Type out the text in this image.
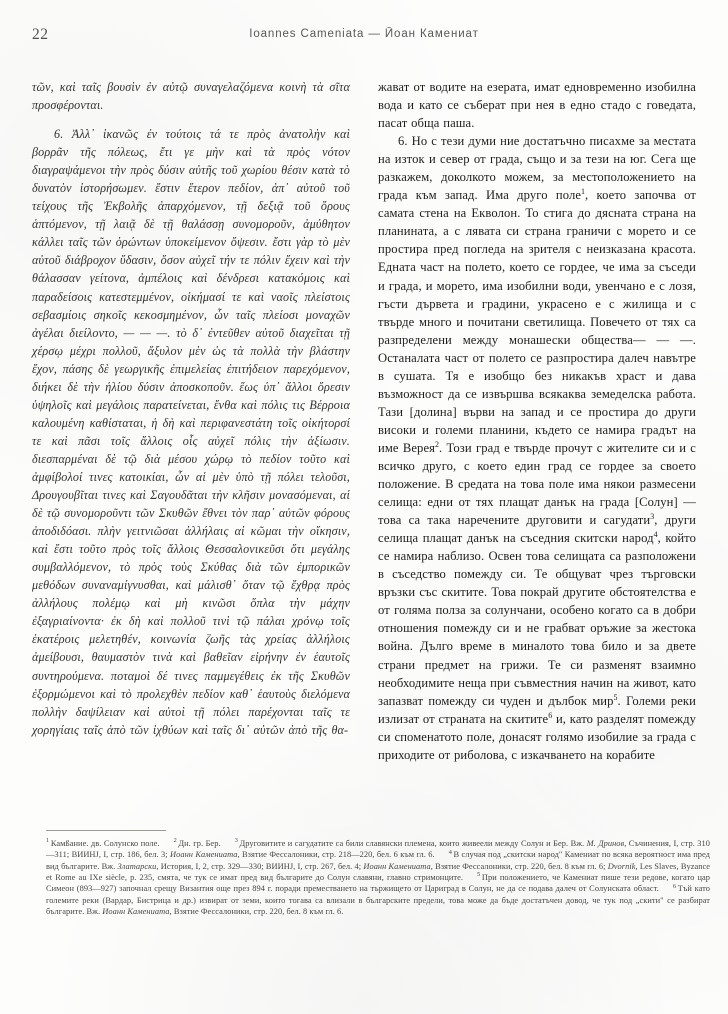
22	Ioannes Cameniata — Йоан Камениат

τῶν, καὶ ταῖς βουσὶν ἐν αὐτῷ συναγελαζόμενα κοινὴ τὰ σῖτα προσφέρονται.

6. Ἀλλ᾽ ἱκανῶς ἐν τούτοις τά τε πρὸς ἀνατολὴν καὶ βορρᾶν τῆς πόλεως, ἔτι γε μὴν καὶ τὰ πρὸς νότον διαγραψάμενοι τὴν πρὸς δύσιν αὐτῆς τοῦ χωρίου θέσιν κατὰ τὸ δυνατὸν ἱστορήσωμεν. ἔστιν ἕτερον πεδίον, ἀπ᾽ αὐτοῦ τοῦ τείχους τῆς Ἐκβολῆς ἀπαρχόμενον, τῇ δεξιᾷ τοῦ ὄρους ἁπτόμενον, τῇ λαιᾷ δὲ τῇ θαλάσσῃ συνομοροῦν, ἀμύθητον κάλλει ταῖς τῶν ὁρώντων ὑποκείμενον ὄψεσιν. ἔστι γὰρ τὸ μὲν αὐτοῦ διάβροχον ὕδασιν, ὅσον αὐχεῖ τήν τε πόλιν ἔχειν καὶ τὴν θάλασσαν γείτονα, ἀμπέλοις καὶ δένδρεσι κατακόμοις καὶ παραδείσοις κατεστεμμένον, οἰκήμασί τε καὶ ναοῖς πλείστοις σεβασμίοις σηκοῖς κεκοσμημένον, ὧν ταῖς πλείοσι μοναχῶν ἀγέλαι διείλοντο, — — —. τὸ δ᾽ ἐντεῦθεν αὐτοῦ διαχεῖται τῇ χέρσῳ μέχρι πολλοῦ, ἄξυλον μὲν ὡς τὰ πολλὰ τὴν βλάστην ἔχον, πάσης δὲ γεωργικῆς ἐπιμελείας ἐπιτήδειον παρεχόμενον, διήκει δὲ τὴν ἡλίου δύσιν ἀποσκοποῦν. ἕως ὑπ᾽ ἄλλοι ὄρεσιν ὑψηλοῖς καὶ μεγάλοις παρατείνεται, ἔνθα καὶ πόλις τις Βέρροια καλουμένη καθίσταται, ἡ δὴ καὶ περιφανεστάτη τοῖς οἰκήτορσί τε καὶ πᾶσι τοῖς ἄλλοις οἷς αὐχεῖ πόλις τὴν ἀξίωσιν. διεσπαρμέναι δὲ τῷ διὰ μέσου χώρῳ τὸ πεδίον τοῦτο καὶ ἀμφίβολοί τινες κατοικίαι, ὧν αἱ μὲν ὑπὸ τῇ πόλει τελοῦσι, Δρουγουβῖται τινες καὶ Σαγουδᾶται τὴν κλῆσιν μονασόμεναι, αἱ δὲ τῷ συνομοροῦντι τῶν Σκυθῶν ἔθνει τὸν παρ᾽ αὐτῶν φόρους ἀποδιδόασι. πλὴν γειτνιῶσαι ἀλλήλαις αἱ κῶμαι τὴν οἴκησιν, καὶ ἔστι τοῦτο πρὸς τοῖς ἄλλοις Θεσσαλονικεῦσι ὅτι μεγάλης συμβαλλόμενον, τὸ πρὸς τοὺς Σκύθας διὰ τῶν ἐμπορικῶν μεθόδων συναναμίγνυσθαι, καὶ μάλισθ᾽ ὅταν τῷ ἔχθρᾳ πρὸς ἀλλήλους πολέμῳ καὶ μὴ κινῶσι ὅπλα τὴν μάχην ἐξαγριαίνοντα· ἐκ δὴ καὶ πολλοῦ τινὶ τῷ πάλαι χρόνῳ τοῖς ἑκατέροις μελετηθέν, κοινωνία ζωῆς τὰς χρείας ἀλλήλοις ἀμείβουσι, θαυμαστὸν τινὰ καὶ βαθεῖαν εἰρήνην ἐν ἑαυτοῖς συντηρούμενα. ποταμοὶ δέ τινες παμμεγέθεις ἐκ τῆς Σκυθῶν ἐξορμώμενοι καὶ τὸ προλεχθὲν πεδίον καθ᾽ ἑαυτοὺς διελόμενα πολλὴν δαψίλειαν καὶ αὐτοὶ τῇ πόλει παρέχονται ταῖς τε χορηγίαις ταῖς ἀπὸ τῶν ἰχθύων καὶ ταῖς δι᾽ αὐτῶν ἀπὸ τῆς θα-

жават от водите на езерата, имат едновременно изобилна вода и като се съберат при нея в едно стадо с говедата, пасат обща паша.

6. Но с тези думи ние достатъчно писахме за местата на изток и север от града, също и за тези на юг. Сега ще разкажем, доколкото можем, за местоположението на града към запад. Има друго поле$^1$, което започва от самата стена на Екволон. То стига до дясната страна на планината, а с лявата си страна граничи с морето и се простира пред погледа на зрителя с неизказана красота. Едната част на полето, което се гордее, че има за съседи и града, и морето, има изобилни води, увенчано е с лозя, гъсти дървета и градини, украсено е с жилища и с твърде много и почитани светилища. Повечето от тях са разпределени между монашески общества— — —. Останалата част от полето се разпростира далеч навътре в сушата. Тя е изобщо без никакъв храст и дава възможност да се извършва всякаква земеделска работа. Тази [долина] върви на запад и се простира до други високи и големи планини, където се намира градът на име Верея$^2$. Този град е твърде прочут с жителите си и с всичко друго, с което един град се гордее за своето положение. В средата на това поле има някои размесени селища: едни от тях плащат данък на града [Солун] — това са така наречените друговити и сагудати$^3$, други селища плащат данък на съседния скитски народ$^4$, който се намира наблизо. Освен това селищата са разположени в съседство помежду си. Те общуват чрез търговски връзки със скитите. Това покрай другите обстоятелства е от голяма полза за солунчани, особено когато са в добри отношения помежду си и не грабват оръжие за жестока война. Дълго време в миналото това било и за двете страни предмет на грижи. Те си разменят взаимно необходимите неща при съвместния начин на живот, като запазват помежду си чуден и дълбок мир$^5$. Големи реки излизат от страната на скитите$^6$ и, като разделят помежду си споменатото поле, донасят голямо изобилие за града с приходите от риболова, с изкачването на корабите

$^1$ Камßание. дв. Солунско поле. $^2$ Дн. гр. Бер. $^3$ Друговитите и сагудатите са били славянски племена, които живеели между Солун и Бер. Вж. М. Дринов, Съчинения, I, стр. 310—311; ВИИНJ, I, стр. 186, бел. 3; Иоанн Камениата, Взятие Фессалоники, стр. 218—220, бел. 6 към гл. 6. $^4$ В случая под „скитски народ" Камениат по всяка вероятност има пред вид българите. Вж. Златарски, История, I, 2, стр. 329—330; ВИИНJ, I, стр. 267, бел. 4; Иоанн Камениата, Взятие Фессалоники, стр. 220, бел. 8 към гл. 6; Dvornik, Les Slaves, Byzance et Rome au IXe siècle, p. 235, смята, че тук се имат пред вид българите до Солун славяни, главно стримонците. $^5$ При положението, че Камениат пише тези редове, когато цар Симеон (893—927) започнал срещу Византия още през 894 г. поради преместването на тържището от Цариград в Солун, не да се подава далеч от Солунската област. $^6$ Тъй като големите реки (Вардар, Бистрица и др.) извират от земи, които тогава са влизали в българските предели, това може да бъде достатъчен довод, че тук под „скити" се разбират българите. Вж. Иоанн Камениата, Взятие Фессалоники, стр. 220, бел. 8 към гл. 6.
